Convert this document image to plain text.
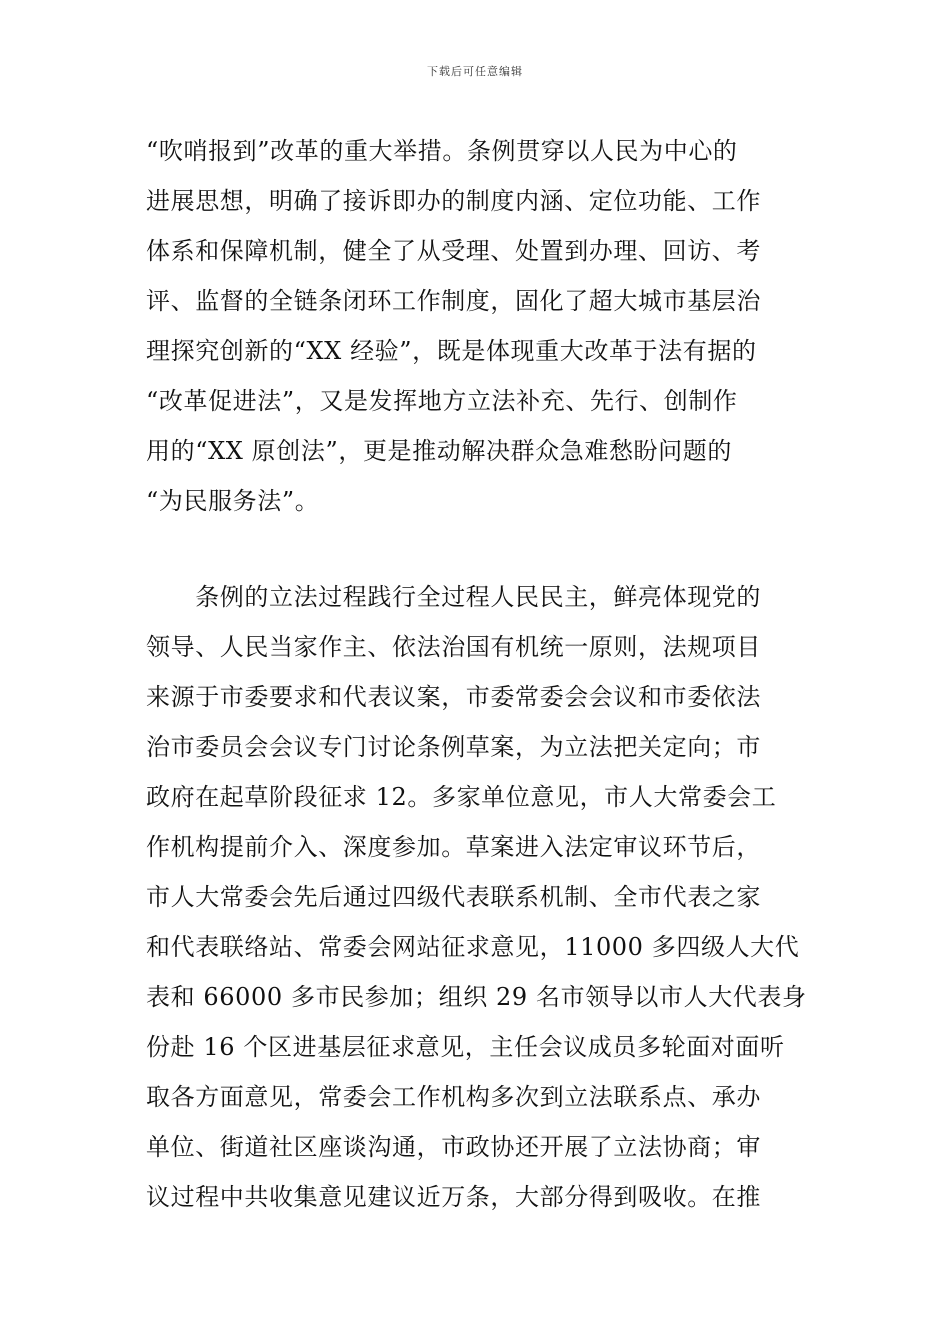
下载后可任意编辑
“吹哨报到”改革的重大举措。条例贯穿以人民为中心的
进展思想，明确了接诉即办的制度内涵、定位功能、工作
体系和保障机制，健全了从受理、处置到办理、回访、考
评、监督的全链条闭环工作制度，固化了超大城市基层治
理探究创新的“XX 经验”，既是体现重大改革于法有据的
“改革促进法”，又是发挥地方立法补充、先行、创制作
用的“XX 原创法”，更是推动解决群众急难愁盼问题的
“为民服务法”。
　　条例的立法过程践行全过程人民民主，鲜亮体现党的
领导、人民当家作主、依法治国有机统一原则，法规项目
来源于市委要求和代表议案，市委常委会会议和市委依法
治市委员会会议专门讨论条例草案，为立法把关定向；市
政府在起草阶段征求 12。多家单位意见，市人大常委会工
作机构提前介入、深度参加。草案进入法定审议环节后，
市人大常委会先后通过四级代表联系机制、全市代表之家
和代表联络站、常委会网站征求意见，11000 多四级人大代
表和 66000 多市民参加；组织 29 名市领导以市人大代表身
份赴 16 个区进基层征求意见，主任会议成员多轮面对面听
取各方面意见，常委会工作机构多次到立法联系点、承办
单位、街道社区座谈沟通，市政协还开展了立法协商；审
议过程中共收集意见建议近万条，大部分得到吸收。在推
